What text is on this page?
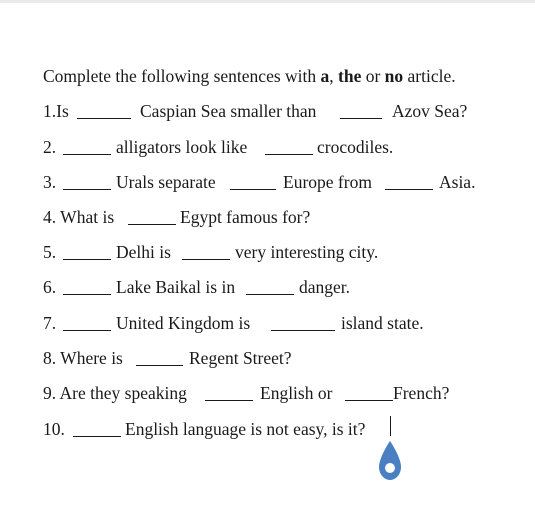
Complete the following sentences with a, the or no article.
1.Is	Caspian Sea smaller than	Azov Sea?
2.	alligators look like	crocodiles.
3.	Urals separate	Europe from	Asia.
4. What is	Egypt famous for?
5.	Delhi is	very interesting city.
6.	Lake Baikal is in	danger.
7.	United Kingdom is	island state.
8. Where is	Regent Street?
9. Are they speaking	English or	French?
10.	English language is not easy, is it?
